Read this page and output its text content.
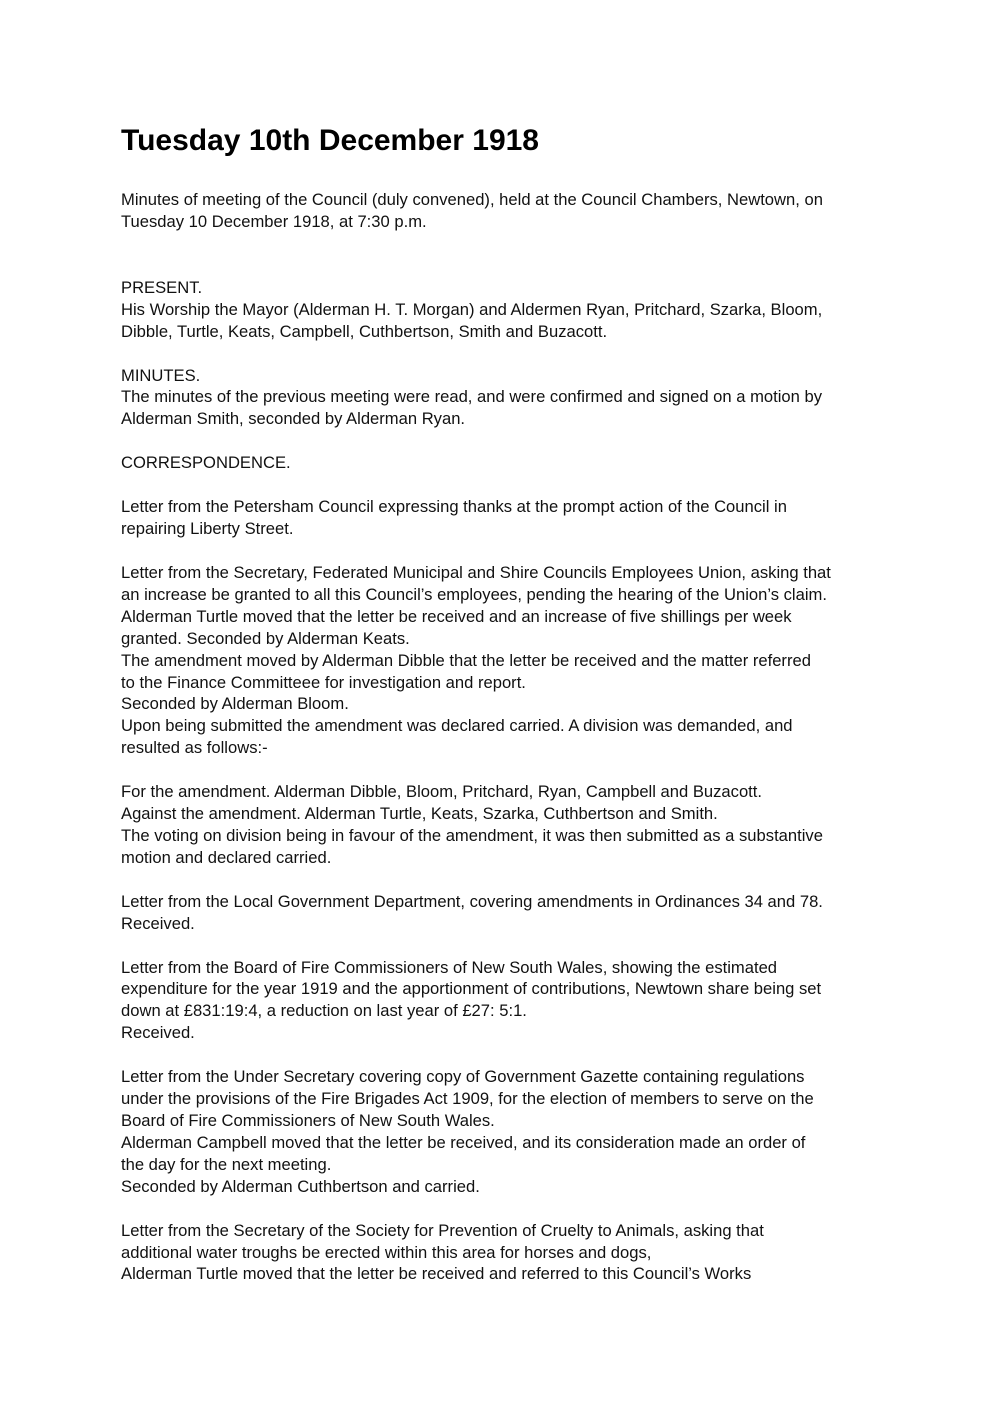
Tuesday 10th December 1918
Minutes of meeting of the Council (duly convened), held at the Council Chambers, Newtown, on
Tuesday 10 December 1918, at 7:30 p.m.
PRESENT.
His Worship the Mayor (Alderman H. T. Morgan) and Aldermen Ryan, Pritchard, Szarka, Bloom,
Dibble, Turtle, Keats, Campbell, Cuthbertson, Smith and Buzacott.
MINUTES.
The minutes of the previous meeting were read, and were confirmed and signed on a motion by
Alderman Smith, seconded by Alderman Ryan.
CORRESPONDENCE.
Letter from the Petersham Council expressing thanks at the prompt action of the Council in
repairing Liberty Street.
Letter from the Secretary, Federated Municipal and Shire Councils Employees Union, asking that
an increase be granted to all this Council’s employees, pending the hearing of the Union’s claim.
Alderman Turtle moved that the letter be received and an increase of five shillings per week
granted. Seconded by Alderman Keats.
The amendment moved by Alderman Dibble that the letter be received and the matter referred
to the Finance Committeee for investigation and report.
Seconded by Alderman Bloom.
Upon being submitted the amendment was declared carried. A division was demanded, and
resulted as follows:-
For the amendment. Alderman Dibble, Bloom, Pritchard, Ryan, Campbell and Buzacott.
Against the amendment. Alderman Turtle, Keats, Szarka, Cuthbertson and Smith.
The voting on division being in favour of the amendment, it was then submitted as a substantive
motion and declared carried.
Letter from the Local Government Department, covering amendments in Ordinances 34 and 78.
Received.
Letter from the Board of Fire Commissioners of New South Wales, showing the estimated
expenditure for the year 1919 and the apportionment of contributions, Newtown share being set
down at £831:19:4, a reduction on last year of £27: 5:1.
Received.
Letter from the Under Secretary covering copy of Government Gazette containing regulations
under the provisions of the Fire Brigades Act 1909, for the election of members to serve on the
Board of Fire Commissioners of New South Wales.
Alderman Campbell moved that the letter be received, and its consideration made an order of
the day for the next meeting.
Seconded by Alderman Cuthbertson and carried.
Letter from the Secretary of the Society for Prevention of Cruelty to Animals, asking that
additional water troughs be erected within this area for horses and dogs,
Alderman Turtle moved that the letter be received and referred to this Council’s Works
